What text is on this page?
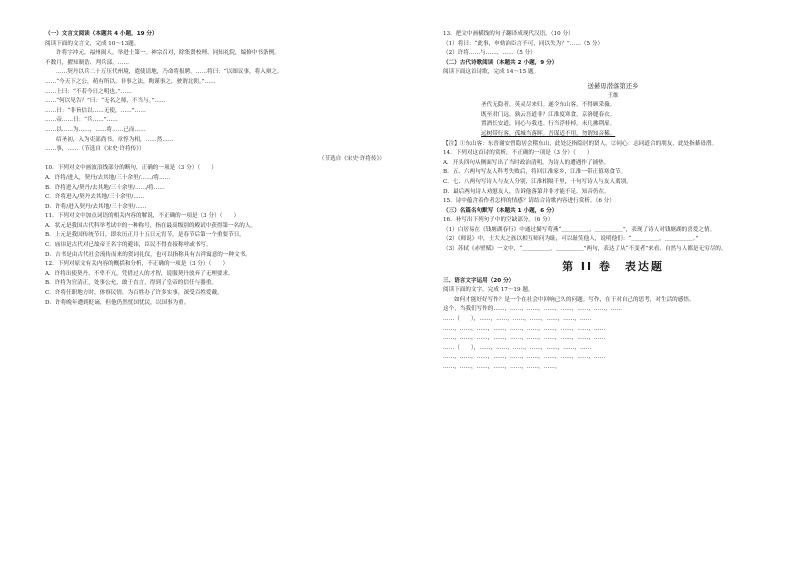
（一）文言文阅读（本题共 4 小题，19 分）
阅读下面的文言文，完成 10～13题。
许将字冲元，福州闽人。举进士第一。神宗召对，除集贤校理、同知礼院，编修中书条例。
不数月，擢知制诰、判兵部。……
……契丹以兵二十万压代州境，遣使请地，乃命将报聘。……将曰：“以图议事，将入辩之，
……“今天下之公，萌有所以。非事之法，陶谨事之，驶谓北朝。”……
……上曰：“不若今日之明也。”……
……“何以见告？”曰：“无名之师，不当与。”……
……曰：“非旨信以……无使，……”……
……帝……日：“兵……”……
……以……为……，……将……已而……
绍圣初，入为吏部尚书。章惇为相，……然……
……事，……（节选自《宋史·许将传》）
（节选自《宋史·许将传》）
10．下列对文中画波浪线部分的断句，正确的一项是（3 分）（　　）
A．许将/进入，契丹/去其地/三十余里/……/将……
B．许将进入/契丹/去其地/三十余里/……/将……
C．许将进入/契丹去其地/三十余里/……
D．许将/进入契丹/去其地/三十余里/……
11．下列对文中加点词语的相关内容的解说，不正确的一项是（3 分）（　　）
A．状元是我国古代科举考试中的一种称号，指在最高级别的殿试中获得第一名的人。
B．上元是我国传统节日，即农历正月十五日元宵节，是春节后第一个重要节日。
C．庙讳是古代对已故帝王名字的避讳，臣民不得直接称呼或书写。
D．吉书是由古代社会流传而来的贺词礼仪，也可以指称具有吉祥寓意的一种文书。
12．下列对原文有关内容的概括和分析，不正确的一项是（3 分）（　　）
A．许将出使契丹，不卑不亢，凭借过人的才智，说服契丹放弃了无理要求。
B．许将为官清正，处事公允，敢于直言，得到了皇帝的信任与器重。
C．许将任职地方时，体察民情，为百姓办了许多实事，深受百姓爱戴。
D．许将晚年遭到贬谪，但他仍然忧国忧民，以国事为重。
13．把文中画横线的句子翻译成现代汉语。（10 分）
（1）将曰：“此事，申劾治臣言不可，同以失为？”……（5 分）
（2）许将……与……，……（5 分）
（二）古代诗歌阅读（本题共 2 小题，9 分）
阅读下面这首诗歌，完成 14～15 题。
送綦毋潜落第还乡
王维
圣代无隐者，英灵尽来归。遂令东山客，不得顾采薇。
既至君门远，孰云吾道非？江淮度寒食，京洛缝春衣。
置酒长安道，同心与我违。行当浮桂棹，未几拂荆扉。
远树带行客，孤城当落晖。吾谋适不用，勿谓知音稀。
【注】①东山客：东晋谢安曾隐居会稽东山，此处泛指隐居的贤人。②同心：志同道合的朋友，此处指綦毋潜。
14．下列对这首诗的赏析，不正确的一项是（3 分）（　　）
A．开头四句从侧面写出了当时政治清明，为诗人的遭遇作了铺垫。
B．五、六两句写友人科考失败后，将回江淮家乡，江淮一带正值寒食节。
C．七、八两句写诗人与友人分别，江淮相隔千里，十句写诗人与友人离别。
D．最后两句诗人劝慰友人，告诉他落第并非才能不足，知音仍在。
15．诗中蕴含着作者怎样的情感？请结合诗歌内容进行赏析。（6 分）
（三）名篇名句默写（本题共 1 小题，6 分）
16．补写出下列句子中的空缺部分。（6 分）
（1）白居易在《钱塘湖春行》中通过描写莺燕“＿＿＿＿＿，＿＿＿＿＿”，表现了诗人对钱塘湖的喜爱之情。
（2）《师说》中，士大夫之族以相互师问为耻，可以耻笑他人，说明他们：“＿＿＿＿＿，＿＿＿＿＿。”
（3）苏轼《赤壁赋》一文中，“＿＿＿＿＿，＿＿＿＿＿”两句，表达了从“不变者”来看，自然与人都是无穷尽的。
第 II 卷　表达题
三、语言文字运用（20 分）
阅读下面的文字，完成 17～19 题。
如何才能好好写作？是一个在社会中回响已久的问题。写作，在于对自己的思考，对生活的感悟。
这个，当我们写作的……，……，……，……，……，……，……，……
……（　　），……，……，……，……，……，……，……
……，……，……，……，……，……，……，……，……，……
……，……，……，……，……，……，……，……，……，……
……（　　），……，……，……，……，……，……，……
……，……，……，……，……，……，……，……，……，……
……，……，……，……，……，……，……。
